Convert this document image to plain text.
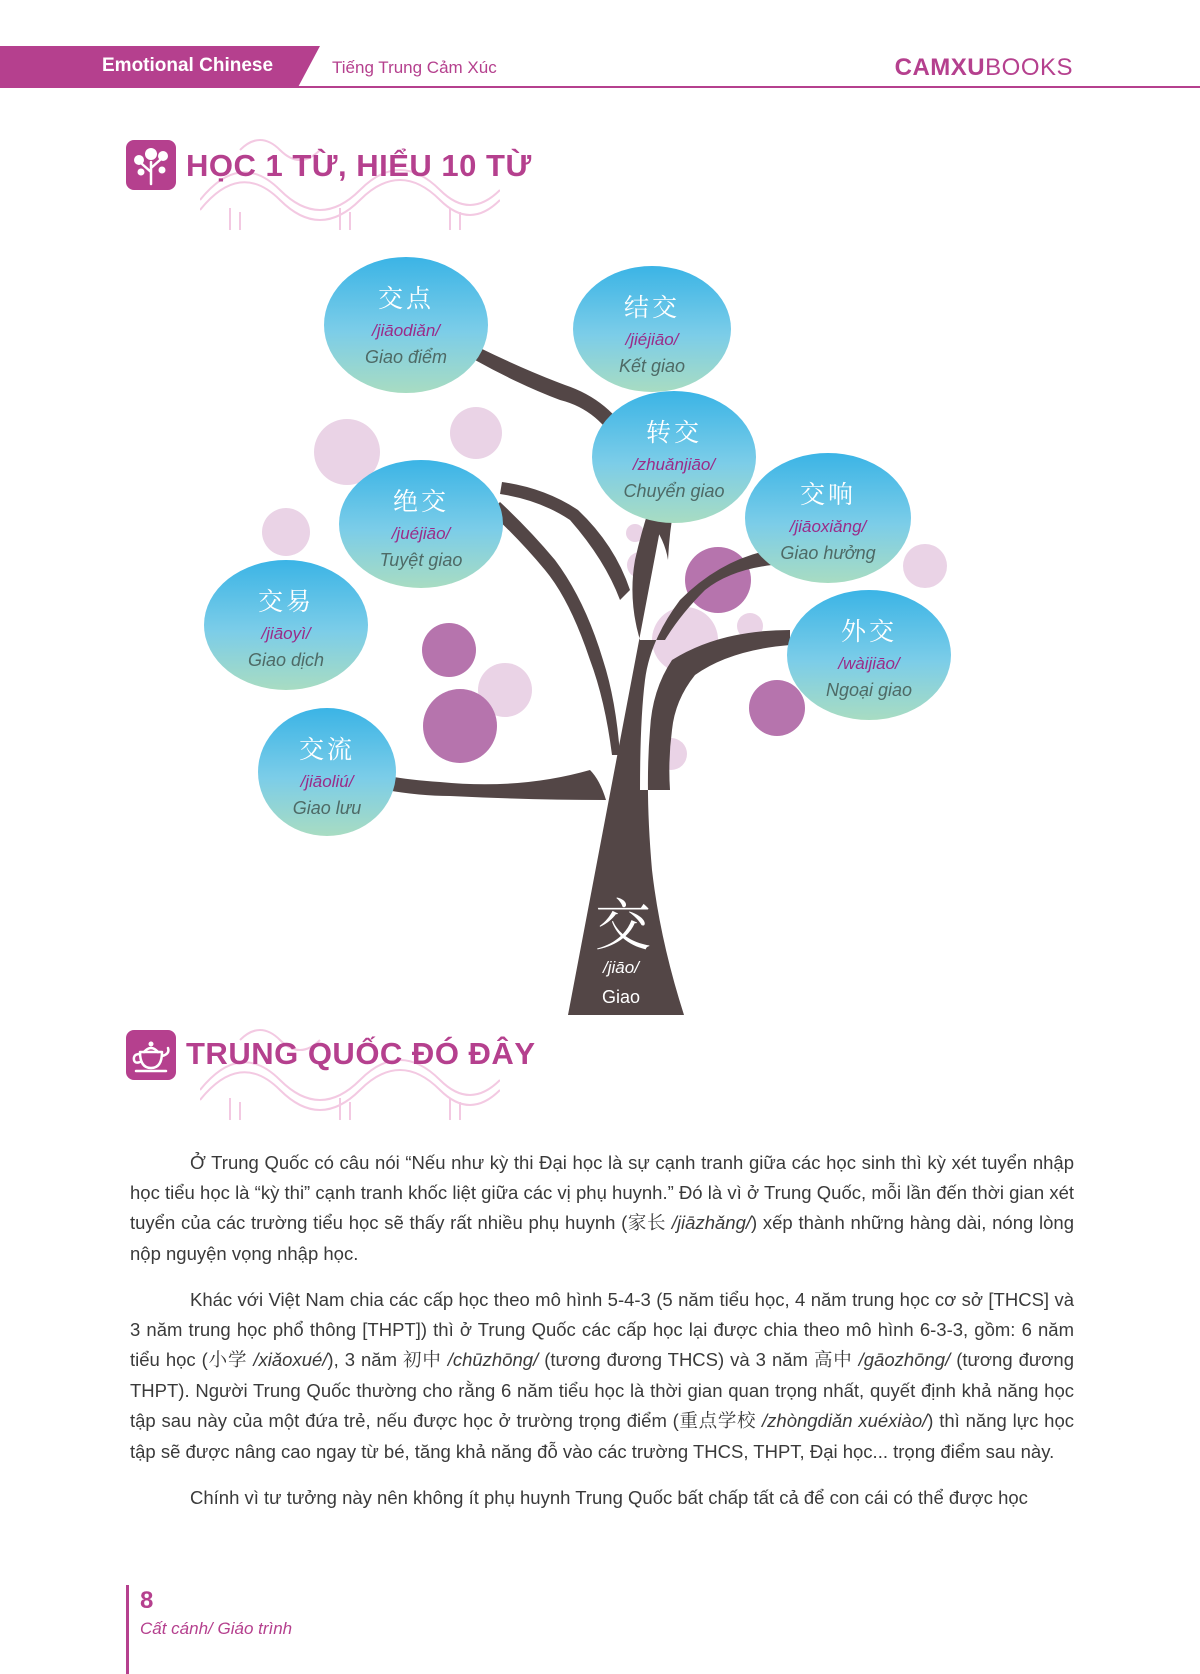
Emotional Chinese	Tiếng Trung Cảm Xúc	CAMXUBOOKS
HỌC 1 TỪ, HIỂU 10 TỪ
交点
/jiāodiǎn/
Giao điểm
结交
/jiéjiāo/
Kết giao
转交
/zhuǎnjiāo/
Chuyển giao
绝交
/juéjiāo/
Tuyệt giao
交响
/jiāoxiǎng/
Giao hưởng
交易
/jiāoyì/
Giao dịch
外交
/wàijiāo/
Ngoại giao
交流
/jiāoliú/
Giao lưu
交
/jiāo/
Giao
TRUNG QUỐC ĐÓ ĐÂY

Ở Trung Quốc có câu nói “Nếu như kỳ thi Đại học là sự cạnh tranh giữa các học sinh thì kỳ xét tuyển nhập học tiểu học là “kỳ thi” cạnh tranh khốc liệt giữa các vị phụ huynh.” Đó là vì ở Trung Quốc, mỗi lần đến thời gian xét tuyển của các trường tiểu học sẽ thấy rất nhiều phụ huynh (家长 /jiāzhǎng/) xếp thành những hàng dài, nóng lòng nộp nguyện vọng nhập học.

Khác với Việt Nam chia các cấp học theo mô hình 5-4-3 (5 năm tiểu học, 4 năm trung học cơ sở [THCS] và 3 năm trung học phổ thông [THPT]) thì ở Trung Quốc các cấp học lại được chia theo mô hình 6-3-3, gồm: 6 năm tiểu học (小学 /xiǎoxué/), 3 năm 初中 /chūzhōng/ (tương đương THCS) và 3 năm 高中 /gāozhōng/ (tương đương THPT). Người Trung Quốc thường cho rằng 6 năm tiểu học là thời gian quan trọng nhất, quyết định khả năng học tập sau này của một đứa trẻ, nếu được học ở trường trọng điểm (重点学校 /zhòngdiǎn xuéxiào/) thì năng lực học tập sẽ được nâng cao ngay từ bé, tăng khả năng đỗ vào các trường THCS, THPT, Đại học... trọng điểm sau này.

Chính vì tư tưởng này nên không ít phụ huynh Trung Quốc bất chấp tất cả để con cái có thể được học

8
Cất cánh/ Giáo trình
